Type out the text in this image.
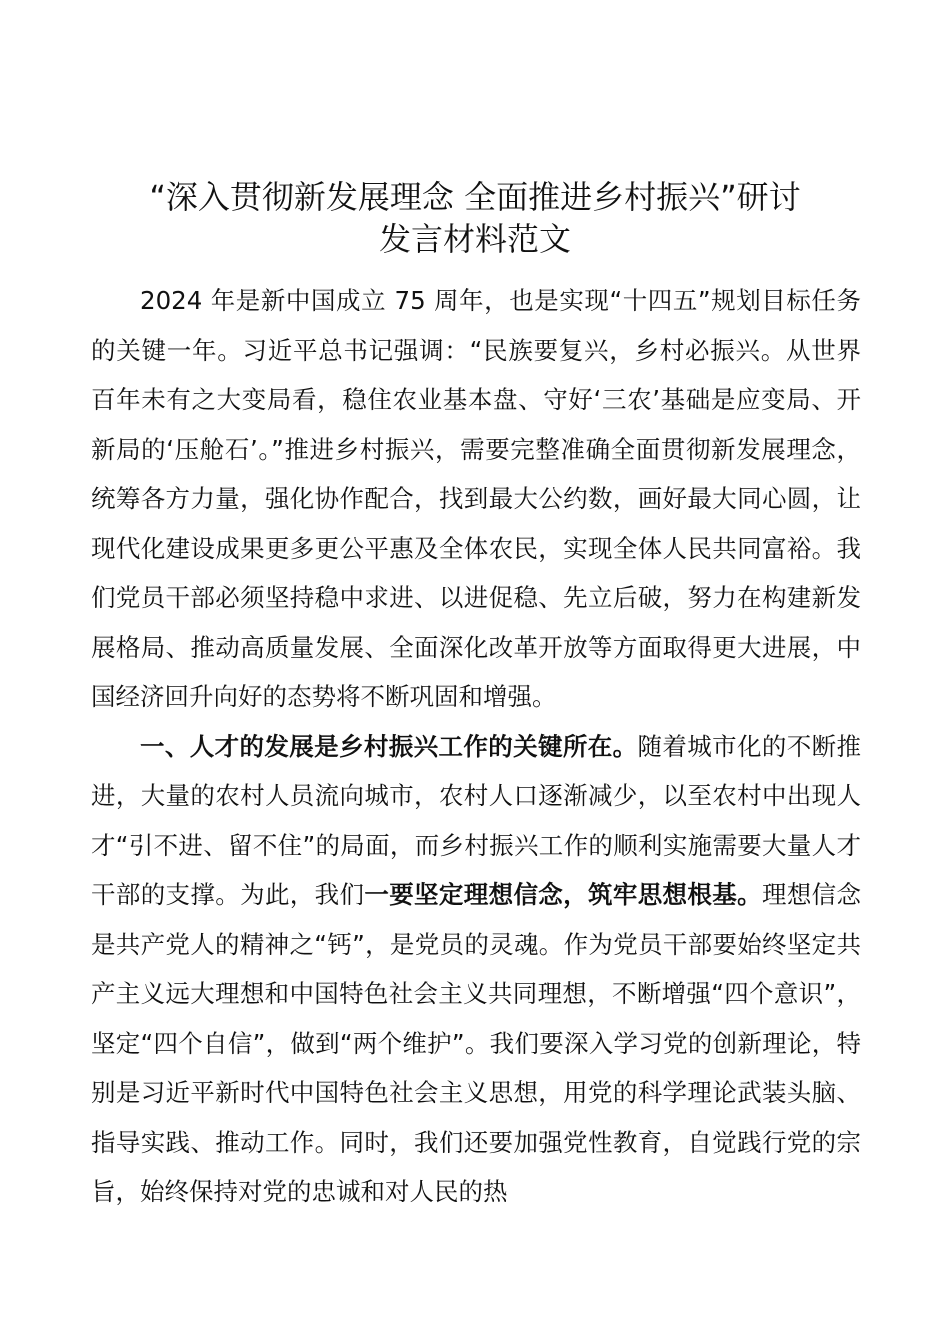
“深入贯彻新发展理念 全面推进乡村振兴”研讨
发言材料范文

2024 年是新中国成立 75 周年，也是实现“十四五”规划目标任务的关键一年。习近平总书记强调：“民族要复兴，乡村必振兴。从世界百年未有之大变局看，稳住农业基本盘、守好‘三农’基础是应变局、开新局的‘压舱石’。”推进乡村振兴，需要完整准确全面贯彻新发展理念，统筹各方力量，强化协作配合，找到最大公约数，画好最大同心圆，让现代化建设成果更多更公平惠及全体农民，实现全体人民共同富裕。我们党员干部必须坚持稳中求进、以进促稳、先立后破，努力在构建新发展格局、推动高质量发展、全面深化改革开放等方面取得更大进展，中国经济回升向好的态势将不断巩固和增强。

一、人才的发展是乡村振兴工作的关键所在。随着城市化的不断推进，大量的农村人员流向城市，农村人口逐渐减少，以至农村中出现人才“引不进、留不住”的局面，而乡村振兴工作的顺利实施需要大量人才干部的支撑。为此，我们一要坚定理想信念，筑牢思想根基。理想信念是共产党人的精神之“钙”，是党员的灵魂。作为党员干部要始终坚定共产主义远大理想和中国特色社会主义共同理想，不断增强“四个意识”，坚定“四个自信”，做到“两个维护”。我们要深入学习党的创新理论，特别是习近平新时代中国特色社会主义思想，用党的科学理论武装头脑、指导实践、推动工作。同时，我们还要加强党性教育，自觉践行党的宗旨，始终保持对党的忠诚和对人民的热
